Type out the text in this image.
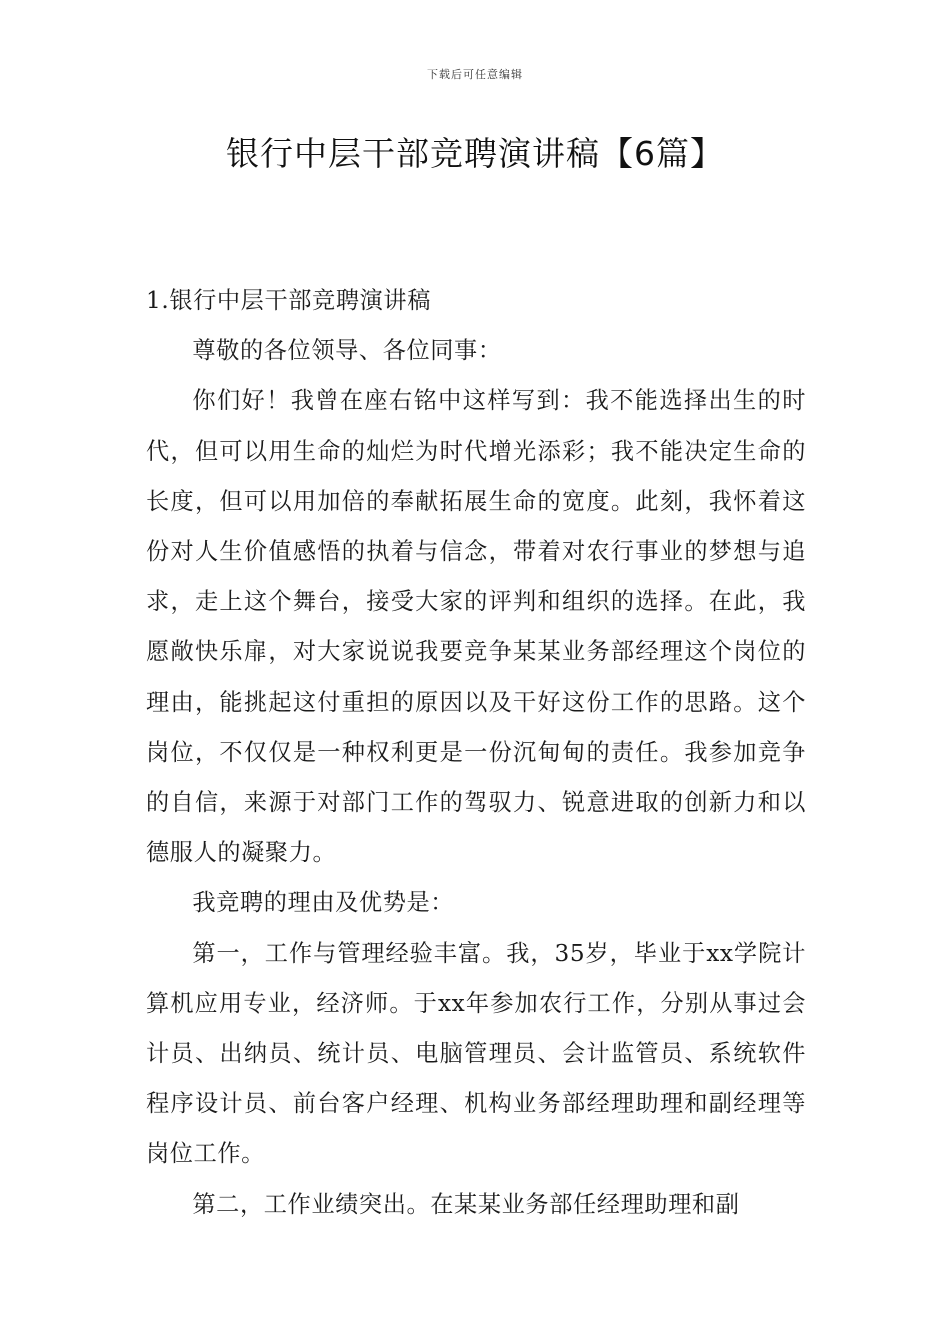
下载后可任意编辑
银行中层干部竞聘演讲稿【6篇】

1.银行中层干部竞聘演讲稿

尊敬的各位领导、各位同事：

你们好！我曾在座右铭中这样写到：我不能选择出生的时代，但可以用生命的灿烂为时代增光添彩；我不能决定生命的长度，但可以用加倍的奉献拓展生命的宽度。此刻，我怀着这份对人生价值感悟的执着与信念，带着对农行事业的梦想与追求，走上这个舞台，接受大家的评判和组织的选择。在此，我愿敞快乐扉，对大家说说我要竞争某某业务部经理这个岗位的理由，能挑起这付重担的原因以及干好这份工作的思路。这个岗位，不仅仅是一种权利更是一份沉甸甸的责任。我参加竞争的自信，来源于对部门工作的驾驭力、锐意进取的创新力和以德服人的凝聚力。

我竞聘的理由及优势是：

第一，工作与管理经验丰富。我，35岁，毕业于xx学院计算机应用专业，经济师。于xx年参加农行工作，分别从事过会计员、出纳员、统计员、电脑管理员、会计监管员、系统软件程序设计员、前台客户经理、机构业务部经理助理和副经理等岗位工作。

第二，工作业绩突出。在某某业务部任经理助理和副
